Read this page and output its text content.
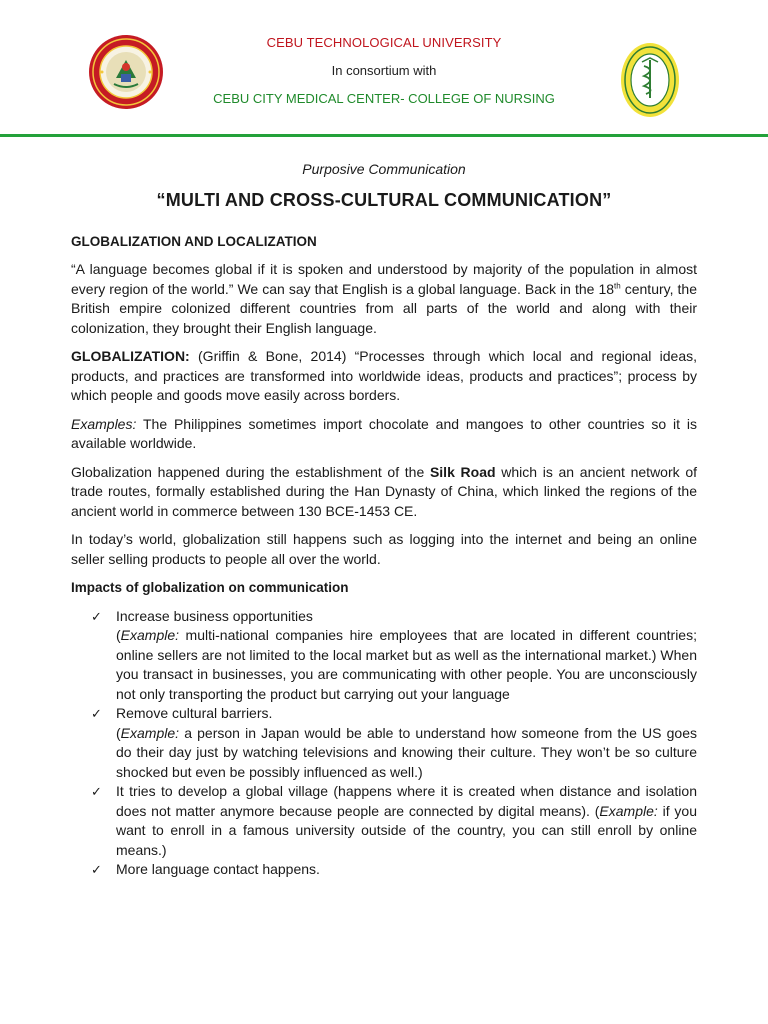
CEBU TECHNOLOGICAL UNIVERSITY
In consortium with
CEBU CITY MEDICAL CENTER- COLLEGE OF NURSING
Purposive Communication
“MULTI AND CROSS-CULTURAL COMMUNICATION”
GLOBALIZATION AND LOCALIZATION

“A language becomes global if it is spoken and understood by majority of the population in almost every region of the world.” We can say that English is a global language. Back in the 18th century, the British empire colonized different countries from all parts of the world and along with their colonization, they brought their English language.

GLOBALIZATION: (Griffin & Bone, 2014) “Processes through which local and regional ideas, products, and practices are transformed into worldwide ideas, products and practices”; process by which people and goods move easily across borders.

Examples: The Philippines sometimes import chocolate and mangoes to other countries so it is available worldwide.

Globalization happened during the establishment of the Silk Road which is an ancient network of trade routes, formally established during the Han Dynasty of China, which linked the regions of the ancient world in commerce between 130 BCE-1453 CE.

In today’s world, globalization still happens such as logging into the internet and being an online seller selling products to people all over the world.

Impacts of globalization on communication
✓ Increase business opportunities
(Example: multi-national companies hire employees that are located in different countries; online sellers are not limited to the local market but as well as the international market.) When you transact in businesses, you are communicating with other people. You are unconsciously not only transporting the product but carrying out your language
✓ Remove cultural barriers.
(Example: a person in Japan would be able to understand how someone from the US goes do their day just by watching televisions and knowing their culture. They won’t be so culture shocked but even be possibly influenced as well.)
✓ It tries to develop a global village (happens where it is created when distance and isolation does not matter anymore because people are connected by digital means). (Example: if you want to enroll in a famous university outside of the country, you can still enroll by online means.)
✓ More language contact happens.
